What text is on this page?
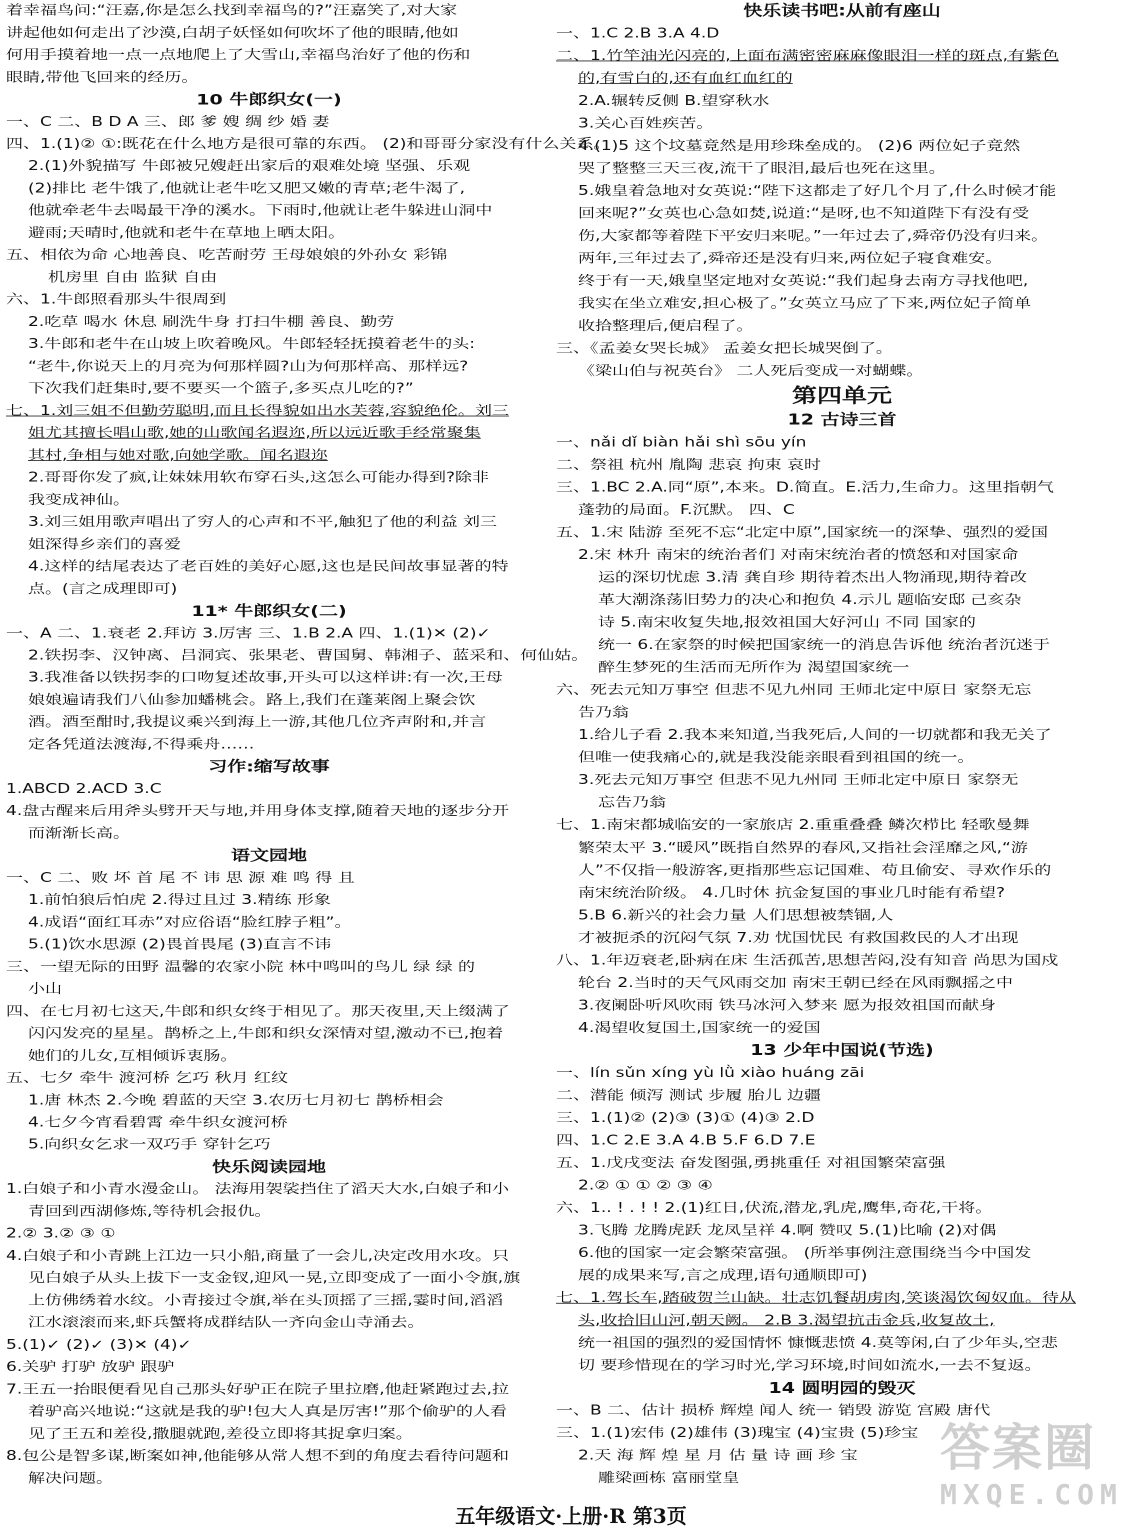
着幸福鸟问:“汪嘉,你是怎么找到幸福鸟的?”汪嘉笑了,对大家

讲起他如何走出了沙漠,白胡子妖怪如何吹坏了他的眼睛,他如

何用手摸着地一点一点地爬上了大雪山,幸福鸟治好了他的伤和

眼睛,带他飞回来的经历。

10 牛郎织女(一)

一、C 二、B D A 三、郎 爹 嫂 绸 纱 婚 妻

四、1.(1)② ①:既花在什么地方是很可靠的东西。 (2)和哥哥分家没有什么关系。

2.(1)外貌描写 牛郎被兄嫂赶出家后的艰难处境 坚强、乐观

(2)排比 老牛饿了,他就让老牛吃又肥又嫩的青草;老牛渴了,

他就牵老牛去喝最干净的溪水。下雨时,他就让老牛躲进山洞中

避雨;天晴时,他就和老牛在草地上晒太阳。

五、相依为命 心地善良、吃苦耐劳 王母娘娘的外孙女 彩锦

机房里 自由 监狱 自由

六、1.牛郎照看那头牛很周到

2.吃草 喝水 休息 刷洗牛身 打扫牛棚 善良、勤劳

3.牛郎和老牛在山坡上吹着晚风。牛郎轻轻抚摸着老牛的头:

“老牛,你说天上的月亮为何那样圆?山为何那样高、那样远?

下次我们赶集时,要不要买一个篮子,多买点儿吃的?”

七、1.刘三姐不但勤劳聪明,而且长得貌如出水芙蓉,容貌绝伦。刘三

姐尤其擅长唱山歌,她的山歌闻名遐迩,所以远近歌手经常聚集

其村,争相与她对歌,向她学歌。闻名遐迩

2.哥哥你发了疯,让妹妹用软布穿石头,这怎么可能办得到?除非

我变成神仙。

3.刘三姐用歌声唱出了穷人的心声和不平,触犯了他的利益 刘三

姐深得乡亲们的喜爱

4.这样的结尾表达了老百姓的美好心愿,这也是民间故事显著的特

点。(言之成理即可)

11* 牛郎织女(二)

一、A 二、1.衰老 2.拜访 3.厉害 三、1.B 2.A 四、1.(1)✕ (2)✓

2.铁拐李、汉钟离、吕洞宾、张果老、曹国舅、韩湘子、蓝采和、何仙姑。

3.我准备以铁拐李的口吻复述故事,开头可以这样讲:有一次,王母

娘娘遍请我们八仙参加蟠桃会。路上,我们在蓬莱阁上聚会饮

酒。酒至酣时,我提议乘兴到海上一游,其他几位齐声附和,并言

定各凭道法渡海,不得乘舟……

习作:缩写故事

1.ABCD 2.ACD 3.C

4.盘古醒来后用斧头劈开天与地,并用身体支撑,随着天地的逐步分开

而渐渐长高。

语文园地

一、C 二、败 坏 首 尾 不 讳 思 源 难 鸣 得 且

1.前怕狼后怕虎 2.得过且过 3.精练 形象

4.成语“面红耳赤”对应俗语“脸红脖子粗”。

5.(1)饮水思源 (2)畏首畏尾 (3)直言不讳

三、一望无际的田野 温馨的农家小院 林中鸣叫的鸟儿 绿 绿 的

小山

四、在七月初七这天,牛郎和织女终于相见了。那天夜里,天上缀满了

闪闪发亮的星星。鹊桥之上,牛郎和织女深情对望,激动不已,抱着

她们的儿女,互相倾诉衷肠。

五、七夕 牵牛 渡河桥 乞巧 秋月 红纹

1.唐 林杰 2.今晚 碧蓝的天空 3.农历七月初七 鹊桥相会

4.七夕今宵看碧霄 牵牛织女渡河桥

5.向织女乞求一双巧手 穿针乞巧

快乐阅读园地

1.白娘子和小青水漫金山。 法海用袈裟挡住了滔天大水,白娘子和小

青回到西湖修炼,等待机会报仇。

2.② 3.② ③ ①

4.白娘子和小青跳上江边一只小船,商量了一会儿,决定改用水攻。只

见白娘子从头上拔下一支金钗,迎风一晃,立即变成了一面小令旗,旗

上仿佛绣着水纹。小青接过令旗,举在头顶摇了三摇,霎时间,滔滔

江水滚滚而来,虾兵蟹将成群结队一齐向金山寺涌去。

5.(1)✓ (2)✓ (3)✕ (4)✓

6.关驴 打驴 放驴 跟驴

7.王五一抬眼便看见自己那头好驴正在院子里拉磨,他赶紧跑过去,拉

着驴高兴地说:“这就是我的驴!包大人真是厉害!”那个偷驴的人看

见了王五和差役,撒腿就跑,差役立即将其捉拿归案。

8.包公是智多谋,断案如神,他能够从常人想不到的角度去看待问题和

解决问题。

快乐读书吧:从前有座山

一、1.C 2.B 3.A 4.D

二、1.竹竿油光闪亮的,上面布满密密麻麻像眼泪一样的斑点,有紫色

的,有雪白的,还有血红血红的

2.A.辗转反侧 B.望穿秋水

3.关心百姓疾苦。

4.(1)5 这个坟墓竟然是用珍珠垒成的。 (2)6 两位妃子竟然

哭了整整三天三夜,流干了眼泪,最后也死在这里。

5.娥皇着急地对女英说:“陛下这都走了好几个月了,什么时候才能

回来呢?”女英也心急如焚,说道:“是呀,也不知道陛下有没有受

伤,大家都等着陛下平安归来呢。”一年过去了,舜帝仍没有归来。

两年,三年过去了,舜帝还是没有归来,两位妃子寝食难安。

终于有一天,娥皇坚定地对女英说:“我们起身去南方寻找他吧,

我实在坐立难安,担心极了。”女英立马应了下来,两位妃子简单

收拾整理后,便启程了。

三、《孟姜女哭长城》 孟姜女把长城哭倒了。

《梁山伯与祝英台》 二人死后变成一对蝴蝶。

第四单元

12 古诗三首

一、nǎi dǐ biàn hǎi shì sōu yín

二、祭祖 杭州 胤陶 悲哀 拘束 哀时

三、1.BC 2.A.同“原”,本来。D.简直。E.活力,生命力。这里指朝气

蓬勃的局面。F.沉默。 四、C

五、1.宋 陆游 至死不忘“北定中原”,国家统一的深挚、强烈的爱国

2.宋 林升 南宋的统治者们 对南宋统治者的愤怒和对国家命

运的深切忧虑 3.清 龚自珍 期待着杰出人物涌现,期待着改

革大潮涤荡旧势力的决心和抱负 4.示儿 题临安邸 己亥杂

诗 5.南宋收复失地,报效祖国大好河山 不同 国家的

统一 6.在家祭的时候把国家统一的消息告诉他 统治者沉迷于

醉生梦死的生活而无所作为 渴望国家统一

六、死去元知万事空 但悲不见九州同 王师北定中原日 家祭无忘

告乃翁

1.给儿子看 2.我本来知道,当我死后,人间的一切就都和我无关了

但唯一使我痛心的,就是我没能亲眼看到祖国的统一。

3.死去元知万事空 但悲不见九州同 王师北定中原日 家祭无

忘告乃翁

七、1.南宋都城临安的一家旅店 2.重重叠叠 鳞次栉比 轻歌曼舞

繁荣太平 3.“暖风”既指自然界的春风,又指社会淫靡之风,“游

人”不仅指一般游客,更指那些忘记国难、苟且偷安、寻欢作乐的

南宋统治阶级。 4.几时休 抗金复国的事业几时能有希望?

5.B 6.新兴的社会力量 人们思想被禁锢,人

才被扼杀的沉闷气氛 7.劝 忧国忧民 有救国救民的人才出现

八、1.年迈衰老,卧病在床 生活孤苦,思想苦闷,没有知音 尚思为国戍

轮台 2.当时的天气风雨交加 南宋王朝已经在风雨飘摇之中

3.夜阑卧听风吹雨 铁马冰河入梦来 愿为报效祖国而献身

4.渴望收复国土,国家统一的爱国

13 少年中国说(节选)

一、lín sǔn xíng yù lǜ xiào huáng zāi

二、潜能 倾泻 测试 步履 胎儿 边疆

三、1.(1)② (2)③ (3)① (4)③ 2.D

四、1.C 2.E 3.A 4.B 5.F 6.D 7.E

五、1.戊戌变法 奋发图强,勇挑重任 对祖国繁荣富强

2.② ① ① ② ③ ④

六、1.. ! . ! ! 2.(1)红日,伏流,潜龙,乳虎,鹰隼,奇花,干将。

3.飞腾 龙腾虎跃 龙凤呈祥 4.啊 赞叹 5.(1)比喻 (2)对偶

6.他的国家一定会繁荣富强。 (所举事例注意围绕当今中国发

展的成果来写,言之成理,语句通顺即可)

七、1.驾长车,踏破贺兰山缺。壮志饥餐胡虏肉,笑谈渴饮匈奴血。待从

头,收拾旧山河,朝天阙。 2.B 3.渴望抗击金兵,收复故土,

统一祖国的强烈的爱国情怀 慷慨悲愤 4.莫等闲,白了少年头,空悲

切 要珍惜现在的学习时光,学习环境,时间如流水,一去不复返。

14 圆明园的毁灭

一、B 二、估计 损桥 辉煌 闻人 统一 销毁 游览 宫殿 唐代

三、1.(1)宏伟 (2)雄伟 (3)瑰宝 (4)宝贵 (5)珍宝

2.天 海 辉 煌 星 月 估 量 诗 画 珍 宝

雕梁画栋 富丽堂皇

五年级语文·上册·R 第3页
答案圈
MXQE.COM
